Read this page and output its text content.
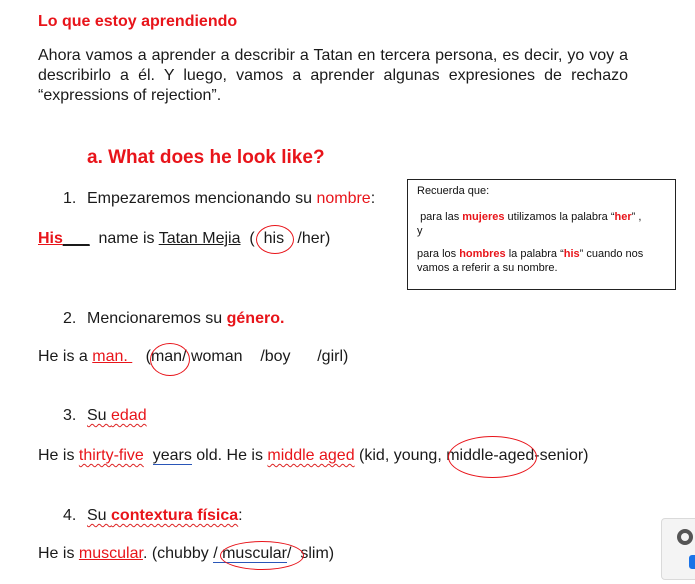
Lo que estoy aprendiendo
Ahora vamos a aprender a describir a Tatan en tercera persona, es decir, yo voy a
describirlo a él. Y luego, vamos a aprender algunas expresiones de rechazo
“expressions of rejection”.
a. What does he look like?

Recuerda que:

para las mujeres utilizamos la palabra “her” ,

y

para los hombres la palabra “his” cuando nos

vamos a referir a su nombre.

1. Empezaremos mencionando su nombre:
His___ name is Tatan Mejia ( his /her)
2. Mencionaremos su género.
He is a man.    (man/ woman    /boy      /girl)
3. Su edad
He is thirty-five years old. He is middle aged (kid, young, middle-aged-senior)
4. Su contextura física:
He is muscular. (chubby / muscular/  slim)
